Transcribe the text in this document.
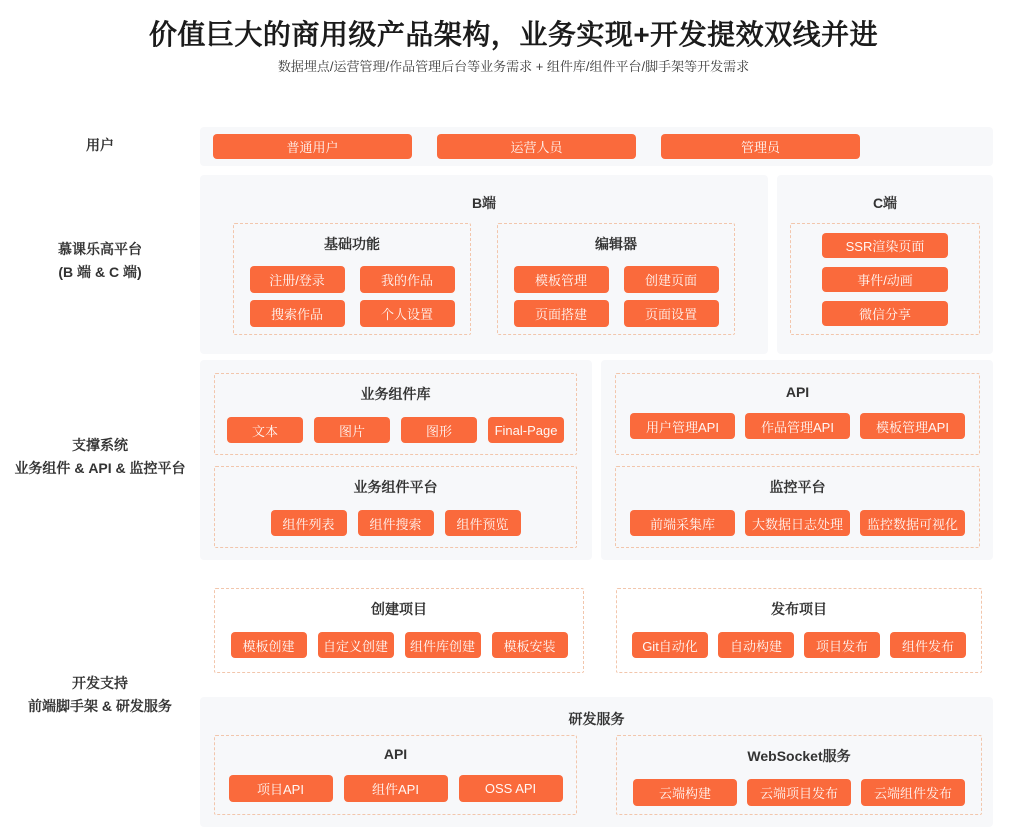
价值巨大的商用级产品架构，业务实现+开发提效双线并进
数据埋点/运营管理/作品管理后台等业务需求 + 组件库/组件平台/脚手架等开发需求
用户
慕课乐高平台
(B 端 & C 端)
支撑系统
业务组件 & API & 监控平台
开发支持
前端脚手架 & 研发服务
普通用户	运营人员	管理员
B端
基础功能
注册/登录	我的作品
搜索作品	个人设置
编辑器
模板管理	创建页面
页面搭建	页面设置
C端
SSR渲染页面
事件/动画
微信分享
业务组件库
文本	图片	图形	Final-Page
业务组件平台
组件列表	组件搜索	组件预览
API
用户管理API	作品管理API	模板管理API
监控平台
前端采集库	大数据日志处理	监控数据可视化
创建项目
模板创建	自定义创建	组件库创建	模板安装
发布项目
Git自动化	自动构建	项目发布	组件发布
研发服务
API
项目API	组件API	OSS API
WebSocket服务
云端构建	云端项目发布	云端组件发布
